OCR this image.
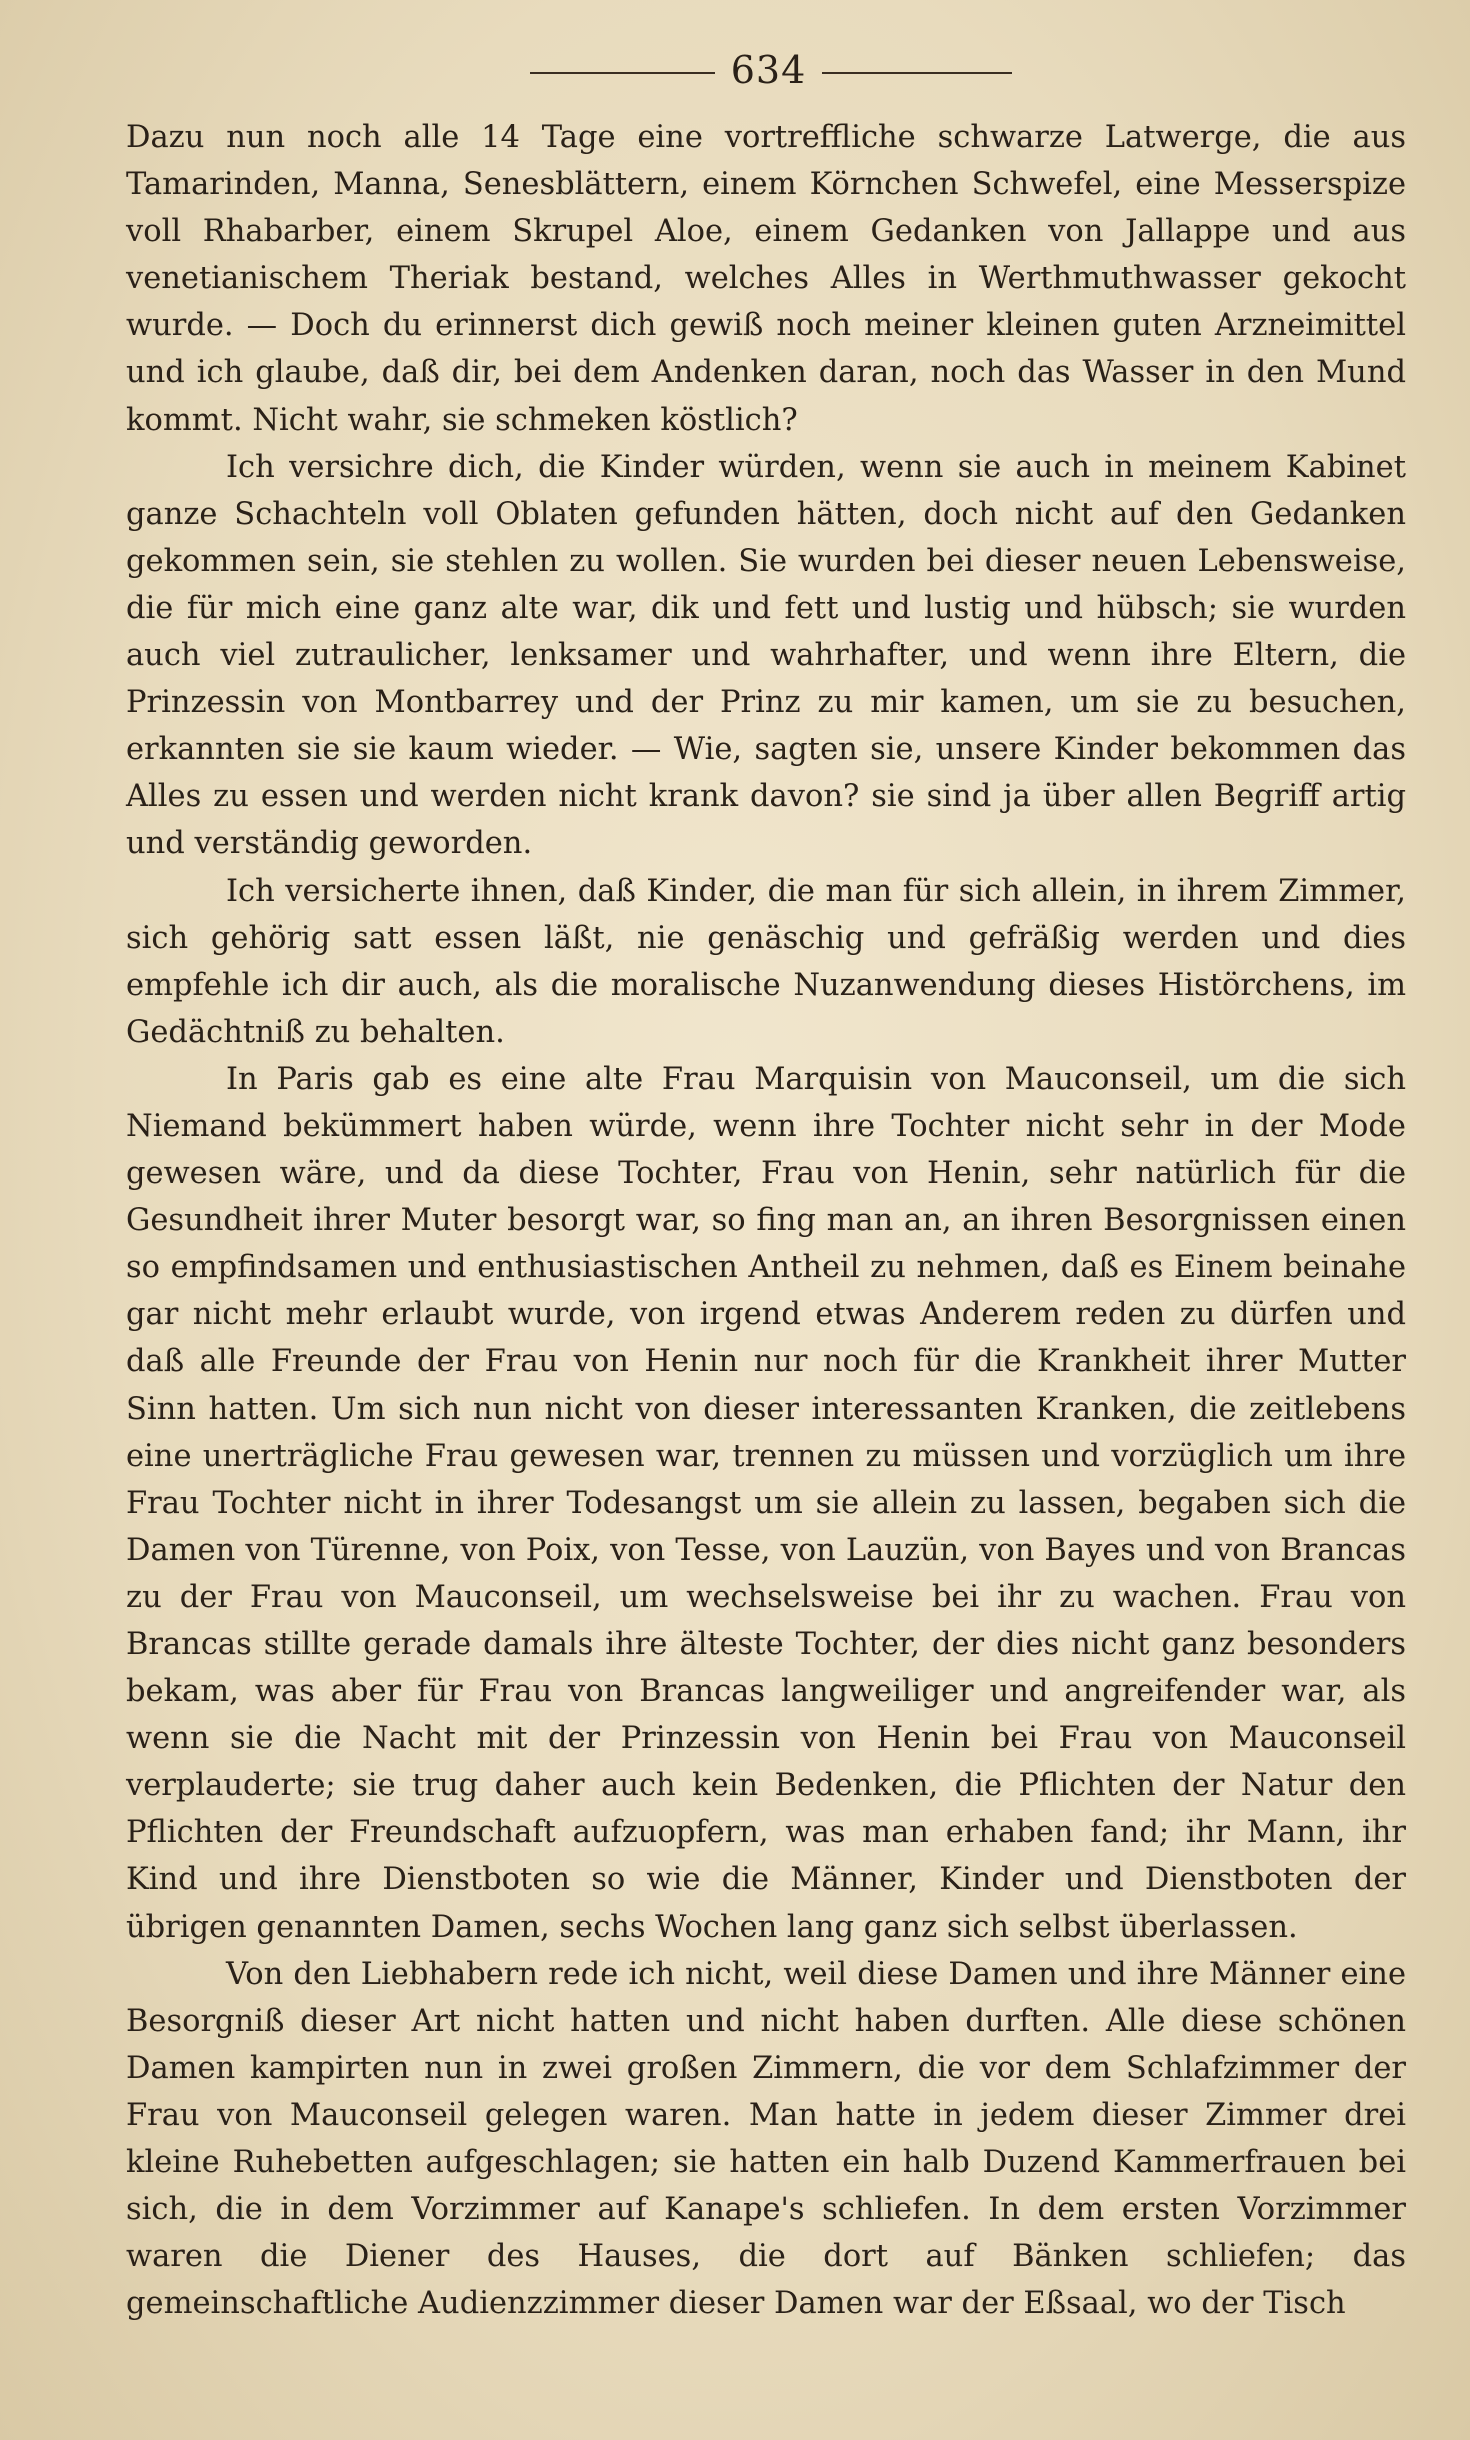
634

Dazu nun noch alle 14 Tage eine vortreffliche schwarze Latwerge, die aus Tamarinden, Manna, Senesblättern, einem Körnchen Schwefel, eine Messerspize voll Rhabarber, einem Skrupel Aloe, einem Gedanken von Jallappe und aus venetianischem Theriak bestand, welches Alles in Werthmuthwasser gekocht wurde. — Doch du erinnerst dich gewiß noch meiner kleinen guten Arzneimittel und ich glaube, daß dir, bei dem Andenken daran, noch das Wasser in den Mund kommt. Nicht wahr, sie schmeken köstlich?

Ich versichre dich, die Kinder würden, wenn sie auch in meinem Kabinet ganze Schachteln voll Oblaten gefunden hätten, doch nicht auf den Gedanken gekommen sein, sie stehlen zu wollen. Sie wurden bei dieser neuen Lebensweise, die für mich eine ganz alte war, dik und fett und lustig und hübsch; sie wurden auch viel zutraulicher, lenksamer und wahrhafter, und wenn ihre Eltern, die Prinzessin von Montbarrey und der Prinz zu mir kamen, um sie zu besuchen, erkannten sie sie kaum wieder. — Wie, sagten sie, unsere Kinder bekommen das Alles zu essen und werden nicht krank davon? sie sind ja über allen Begriff artig und verständig geworden.

Ich versicherte ihnen, daß Kinder, die man für sich allein, in ihrem Zimmer, sich gehörig satt essen läßt, nie genäschig und gefräßig werden und dies empfehle ich dir auch, als die moralische Nuzanwendung dieses Histörchens, im Gedächtniß zu behalten.

In Paris gab es eine alte Frau Marquisin von Mauconseil, um die sich Niemand bekümmert haben würde, wenn ihre Tochter nicht sehr in der Mode gewesen wäre, und da diese Tochter, Frau von Henin, sehr natürlich für die Gesundheit ihrer Muter besorgt war, so fing man an, an ihren Besorgnissen einen so empfindsamen und enthusiastischen Antheil zu nehmen, daß es Einem beinahe gar nicht mehr erlaubt wurde, von irgend etwas Anderem reden zu dürfen und daß alle Freunde der Frau von Henin nur noch für die Krankheit ihrer Mutter Sinn hatten. Um sich nun nicht von dieser interessanten Kranken, die zeitlebens eine unerträgliche Frau gewesen war, trennen zu müssen und vorzüglich um ihre Frau Tochter nicht in ihrer Todesangst um sie allein zu lassen, begaben sich die Damen von Türenne, von Poix, von Tesse, von Lauzün, von Bayes und von Brancas zu der Frau von Mauconseil, um wechselsweise bei ihr zu wachen. Frau von Brancas stillte gerade damals ihre älteste Tochter, der dies nicht ganz besonders bekam, was aber für Frau von Brancas langweiliger und angreifender war, als wenn sie die Nacht mit der Prinzessin von Henin bei Frau von Mauconseil verplauderte; sie trug daher auch kein Bedenken, die Pflichten der Natur den Pflichten der Freundschaft aufzuopfern, was man erhaben fand; ihr Mann, ihr Kind und ihre Dienstboten so wie die Männer, Kinder und Dienstboten der übrigen genannten Damen, sechs Wochen lang ganz sich selbst überlassen.

Von den Liebhabern rede ich nicht, weil diese Damen und ihre Männer eine Besorgniß dieser Art nicht hatten und nicht haben durften. Alle diese schönen Damen kampirten nun in zwei großen Zimmern, die vor dem Schlafzimmer der Frau von Mauconseil gelegen waren. Man hatte in jedem dieser Zimmer drei kleine Ruhebetten aufgeschlagen; sie hatten ein halb Duzend Kammerfrauen bei sich, die in dem Vorzimmer auf Kanape's schliefen. In dem ersten Vorzimmer waren die Diener des Hauses, die dort auf Bänken schliefen; das gemeinschaftliche Audienzzimmer dieser Damen war der Eßsaal, wo der Tisch
